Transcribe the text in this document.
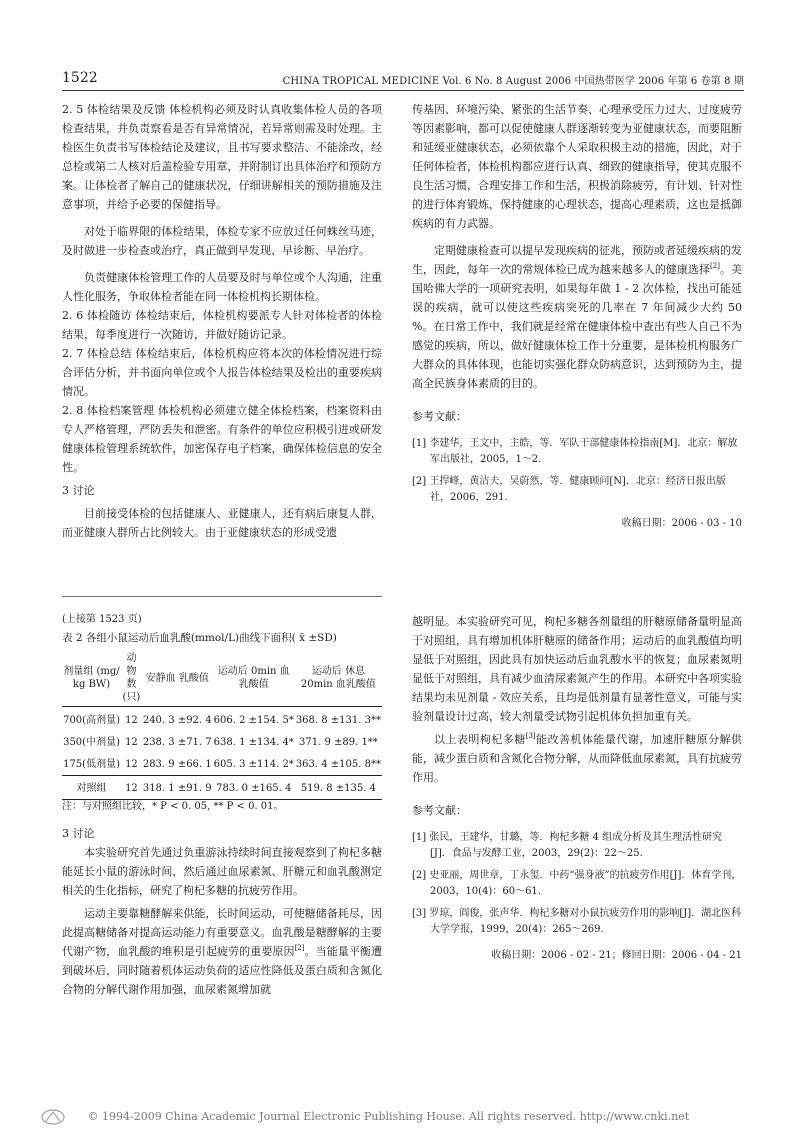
1522	CHINA TROPICAL MEDICINE Vol. 6 No. 8 August 2006 中国热带医学 2006 年第 6 卷第 8 期

2. 5 体检结果及反馈 体检机构必须及时认真收集体检人员的各项检查结果，并负责察看是否有异常情况，若异常则需及时处理。主检医生负责书写体检结论及建议，且书写要求整洁、不能涂改，经总检或第二人核对后盖检验专用章，并附制订出具体治疗和预防方案。让体检者了解自己的健康状况，仔细讲解相关的预防措施及注意事项，并给予必要的保健指导。

对处于临界限的体检结果，体检专家不应放过任何蛛丝马迹，及时做进一步检查或治疗，真正做到早发现、早诊断、早治疗。

负责健康体检管理工作的人员要及时与单位或个人沟通，注重人性化服务，争取体检者能在同一体检机构长期体检。

2. 6 体检随访 体检结束后，体检机构要派专人针对体检者的体检结果，每季度进行一次随访，并做好随访记录。

2. 7 体检总结 体检结束后，体检机构应将本次的体检情况进行综合评估分析，并书面向单位或个人报告体检结果及检出的重要疾病情况。

2. 8 体检档案管理 体检机构必须建立健全体检档案，档案资料由专人严格管理，严防丢失和泄密。有条件的单位应积极引进或研发健康体检管理系统软件，加密保存电子档案，确保体检信息的安全性。

3 讨论

目前接受体检的包括健康人、亚健康人，还有病后康复人群，而亚健康人群所占比例较大。由于亚健康状态的形成受遗

传基因、环境污染、紧张的生活节奏、心理承受压力过大、过度疲劳等因素影响，都可以促使健康人群逐渐转变为亚健康状态，而要阻断和延缓亚健康状态，必须依靠个人采取积极主动的措施，因此，对于任何体检者，体检机构都应进行认真、细致的健康指导，使其克服不良生活习惯，合理安排工作和生活，积极消除疲劳，有计划、针对性的进行体育锻炼，保持健康的心理状态，提高心理素质，这也是抵御疾病的有力武器。

定期健康检查可以提早发现疾病的征兆，预防或者延缓疾病的发生，因此，每年一次的常规体检已成为越来越多人的健康选择[2]。美国哈佛大学的一项研究表明，如果每年做 1 - 2 次体检，找出可能延误的疾病，就可以使这些疾病突死的几率在 7 年间减少大约 50 %。在日常工作中，我们就是经常在健康体检中查出有些人自己不为感觉的疾病，所以，做好健康体检工作十分重要，是体检机构服务广大群众的具体体现，也能切实强化群众防病意识，达到预防为主，提高全民族身体素质的目的。

参考文献：

[1] 李建华，王文中，主皓，等．军队干部健康体检指南[M]．北京：解放军出版社，2005，1～2.

[2] 王捍峰，黄洁夫，吴蔚然，等．健康顾问[N]．北京：经济日报出版社，2006，291.

收稿日期：2006 - 03 - 10

(上接第 1523 页)

表 2 各组小鼠运动后血乳酸(mmol/L)曲线下面积( x̄ ±SD)

剂量组 (mg/ kg BW)	动物数 (只)	安静血 乳酸值	运动后 0min 血乳酸值	运动后 休息 20min 血乳酸值
700(高剂量)	12	240. 3 ±92. 4	606. 2 ±154. 5*	368. 8 ±131. 3**
350(中剂量)	12	238. 3 ±71. 7	638. 1 ±134. 4*	371. 9 ±89. 1**
175(低剂量)	12	283. 9 ±66. 1	605. 3 ±114. 2*	363. 4 ±105. 8**
对照组	12	318. 1 ±91. 9	783. 0 ±165. 4	519. 8 ±135. 4

注：与对照组比较，* P < 0. 05, ** P < 0. 01。

3 讨论

本实验研究首先通过负重游泳持续时间直接观察到了枸杞多糖能延长小鼠的游泳时间，然后通过血尿素氮、肝糖元和血乳酸测定相关的生化指标，研究了枸杞多糖的抗疲劳作用。

运动主要靠糖酵解来供能，长时间运动，可使糖储备耗尽，因此提高糖储备对提高运动能力有重要意义。血乳酸是糖酵解的主要代谢产物，血乳酸的堆积是引起疲劳的重要原因[2]。当能量平衡遭到破坏后，同时随着机体运动负荷的适应性降低及蛋白质和含氮化合物的分解代谢作用加强，血尿素氮增加就

越明显。本实验研究可见，枸杞多糖各剂量组的肝糖原储备量明显高于对照组，具有增加机体肝糖原的储备作用；运动后的血乳酸值均明显低于对照组，因此具有加快运动后血乳酸水平的恢复；血尿素氮明显低于对照组，具有减少血清尿素氮产生的作用。本研究中各项实验结果均未见剂量 - 效应关系，且均是低剂量有显著性意义，可能与实验剂量设计过高，较大剂量受试物引起机体负担加重有关。

以上表明枸杞多糖[3]能改善机体能量代谢，加速肝糖原分解供能，减少蛋白质和含氮化合物分解，从而降低血尿素氮，具有抗疲劳作用。

参考文献：

[1] 张民，王建华，甘璐，等．枸杞多糖 4 组成分析及其生理活性研究[J]．食品与发酵工业，2003，29(2)：22～25.

[2] 史亚丽，周世章，丁永玺．中药“强身液”的抗疲劳作用[J]．体育学刊，2003，10(4)：60～61.

[3] 罗琼，阎俊，张声华．枸杞多糖对小鼠抗疲劳作用的影响[J]．湖北医科大学学报，1999，20(4)：265～269.

收稿日期：2006 - 02 - 21；修回日期：2006 - 04 - 21

© 1994-2009 China Academic Journal Electronic Publishing House. All rights reserved. http://www.cnki.net
